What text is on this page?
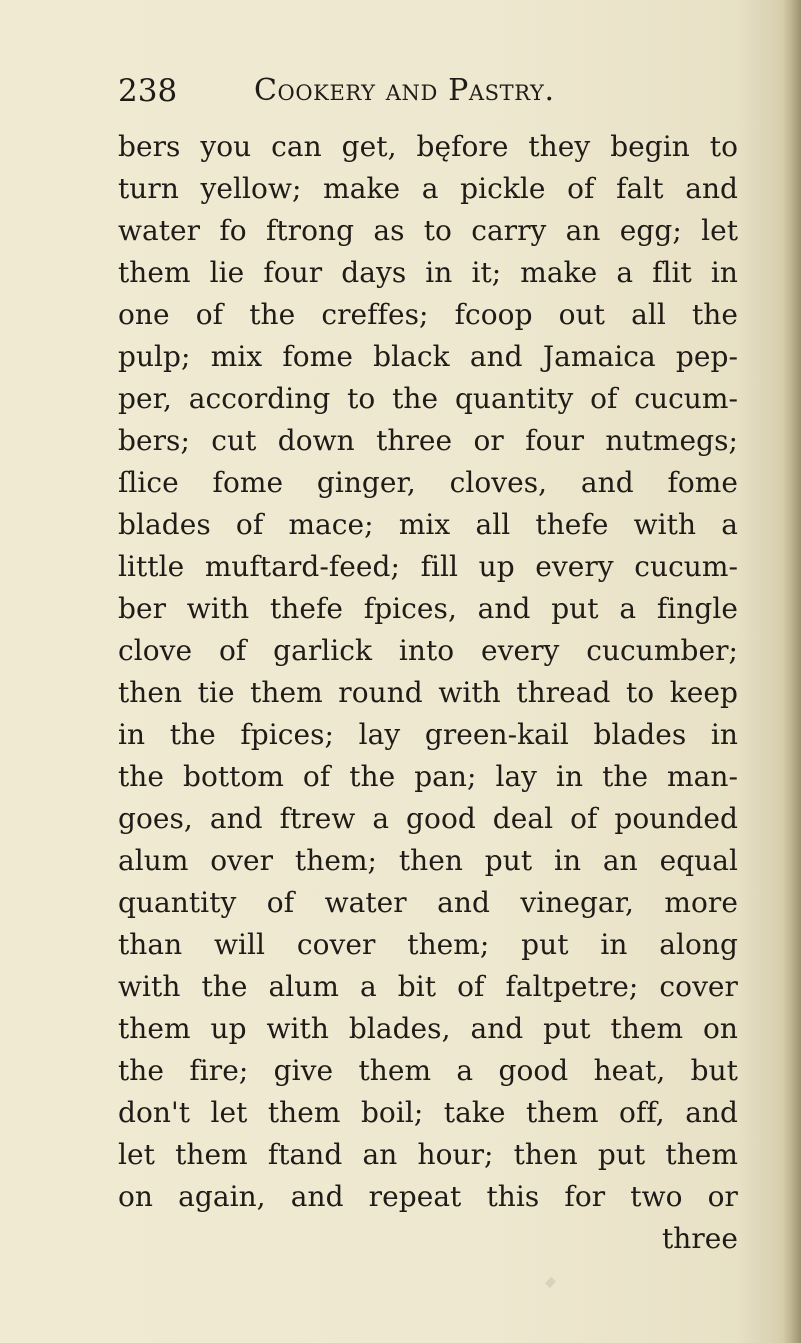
238	Cookery and Pastry.

bers you can get, bęfore they begin to

turn yellow; make a pickle of falt and

water fo ftrong as to carry an egg; let

them lie four days in it; make a flit in

one of the creffes; fcoop out all the

pulp; mix fome black and Jamaica pep-

per, according to the quantity of cucum-

bers; cut down three or four nutmegs;

ſlice fome ginger, cloves, and fome

blades of mace; mix all thefe with a

little muftard-feed; fill up every cucum-

ber with thefe fpices, and put a fingle

clove of garlick into every cucumber;

then tie them round with thread to keep

in the fpices; lay green-kail blades in

the bottom of the pan; lay in the man-

goes, and ftrew a good deal of pounded

alum over them; then put in an equal

quantity of water and vinegar, more

than will cover them; put in along

with the alum a bit of faltpetre; cover

them up with blades, and put them on

the fire; give them a good heat, but

don't let them boil; take them off, and

let them ftand an hour; then put them

on again, and repeat this for two or

three
